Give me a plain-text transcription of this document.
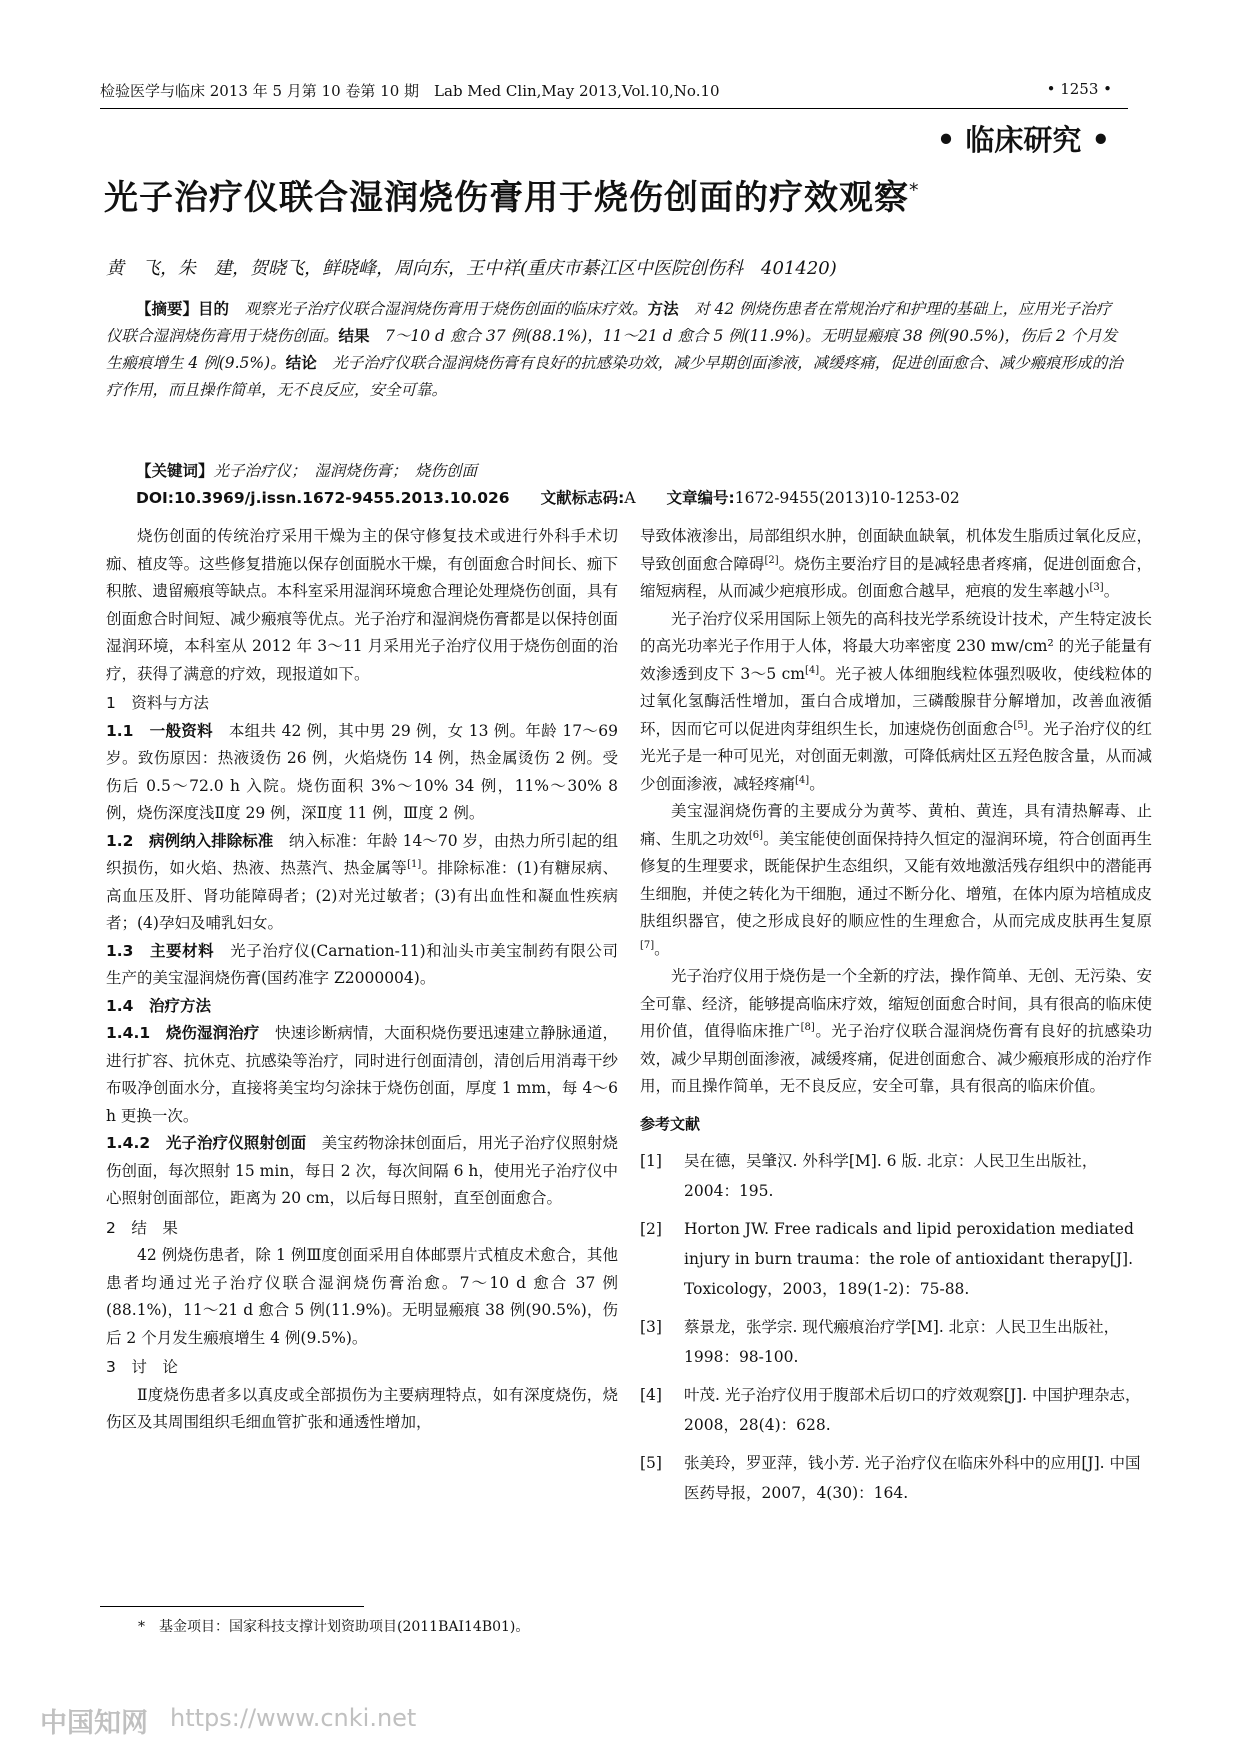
检验医学与临床 2013 年 5 月第 10 卷第 10 期　Lab Med Clin,May 2013,Vol.10,No.10	• 1253 •
• 临床研究 •
光子治疗仪联合湿润烧伤膏用于烧伤创面的疗效观察*
黄　飞，朱　建，贺晓飞，鲜晓峰，周向东，王中祥(重庆市綦江区中医院创伤科　401420)
【摘要】目的　 观察光子治疗仪联合湿润烧伤膏用于烧伤创面的临床疗效。方法　 对 42 例烧伤患者在常规治疗和护理的基础上，应用光子治疗仪联合湿润烧伤膏用于烧伤创面。结果　 7～10 d 愈合 37 例(88.1%)，11～21 d 愈合 5 例(11.9%)。无明显瘢痕 38 例(90.5%)，伤后 2 个月发生瘢痕增生 4 例(9.5%)。结论　 光子治疗仪联合湿润烧伤膏有良好的抗感染功效，减少早期创面渗液，减缓疼痛，促进创面愈合、减少瘢痕形成的治疗作用，而且操作简单，无不良反应，安全可靠。
【关键词】光子治疗仪；　湿润烧伤膏；　烧伤创面
DOI:10.3969/j.issn.1672-9455.2013.10.026　　 文献标志码:A　　 文章编号:1672-9455(2013)10-1253-02

烧伤创面的传统治疗采用干燥为主的保守修复技术或进行外科手术切痂、植皮等。这些修复措施以保存创面脱水干燥，有创面愈合时间长、痂下积脓、遗留瘢痕等缺点。本科室采用湿润环境愈合理论处理烧伤创面，具有创面愈合时间短、减少瘢痕等优点。光子治疗和湿润烧伤膏都是以保持创面湿润环境，本科室从 2012 年 3～11 月采用光子治疗仪用于烧伤创面的治疗，获得了满意的疗效，现报道如下。

1　资料与方法

1.1　 一般资料　 本组共 42 例，其中男 29 例，女 13 例。年龄 17～69 岁。致伤原因：热液烫伤 26 例，火焰烧伤 14 例，热金属烫伤 2 例。受伤后 0.5～72.0 h 入院。烧伤面积 3%～10% 34 例，11%～30% 8 例，烧伤深度浅Ⅱ度 29 例，深Ⅱ度 11 例，Ⅲ度 2 例。

1.2　 病例纳入排除标准　 纳入标准：年龄 14～70 岁，由热力所引起的组织损伤，如火焰、热液、热蒸汽、热金属等[1]。排除标准：(1)有糖尿病、高血压及肝、肾功能障碍者；(2)对光过敏者；(3)有出血性和凝血性疾病者；(4)孕妇及哺乳妇女。

1.3　 主要材料　 光子治疗仪(Carnation-11)和汕头市美宝制药有限公司生产的美宝湿润烧伤膏(国药准字 Z2000004)。

1.4　 治疗方法

1.4.1　 烧伤湿润治疗　 快速诊断病情，大面积烧伤要迅速建立静脉通道，进行扩容、抗休克、抗感染等治疗，同时进行创面清创，清创后用消毒干纱布吸净创面水分，直接将美宝均匀涂抹于烧伤创面，厚度 1 mm，每 4～6 h 更换一次。

1.4.2　 光子治疗仪照射创面　 美宝药物涂抹创面后，用光子治疗仪照射烧伤创面，每次照射 15 min，每日 2 次，每次间隔 6 h，使用光子治疗仪中心照射创面部位，距离为 20 cm，以后每日照射，直至创面愈合。

2　结　果

42 例烧伤患者，除 1 例Ⅲ度创面采用自体邮票片式植皮术愈合，其他患者均通过光子治疗仪联合湿润烧伤膏治愈。7～10 d 愈合 37 例(88.1%)，11～21 d 愈合 5 例(11.9%)。无明显瘢痕 38 例(90.5%)，伤后 2 个月发生瘢痕增生 4 例(9.5%)。

3　讨　论

Ⅱ度烧伤患者多以真皮或全部损伤为主要病理特点，如有深度烧伤，烧伤区及其周围组织毛细血管扩张和通透性增加，

导致体液渗出，局部组织水肿，创面缺血缺氧，机体发生脂质过氧化反应，导致创面愈合障碍[2]。烧伤主要治疗目的是减轻患者疼痛，促进创面愈合，缩短病程，从而减少疤痕形成。创面愈合越早，疤痕的发生率越小[3]。

光子治疗仪采用国际上领先的高科技光学系统设计技术，产生特定波长的高光功率光子作用于人体，将最大功率密度 230 mw/cm² 的光子能量有效渗透到皮下 3～5 cm[4]。光子被人体细胞线粒体强烈吸收，使线粒体的过氧化氢酶活性增加，蛋白合成增加，三磷酸腺苷分解增加，改善血液循环，因而它可以促进肉芽组织生长，加速烧伤创面愈合[5]。光子治疗仪的红光光子是一种可见光，对创面无刺激，可降低病灶区五羟色胺含量，从而减少创面渗液，减轻疼痛[4]。

美宝湿润烧伤膏的主要成分为黄芩、黄柏、黄连，具有清热解毒、止痛、生肌之功效[6]。美宝能使创面保持持久恒定的湿润环境，符合创面再生修复的生理要求，既能保护生态组织，又能有效地激活残存组织中的潜能再生细胞，并使之转化为干细胞，通过不断分化、增殖，在体内原为培植成皮肤组织器官，使之形成良好的顺应性的生理愈合，从而完成皮肤再生复原[7]。

光子治疗仪用于烧伤是一个全新的疗法，操作简单、无创、无污染、安全可靠、经济，能够提高临床疗效，缩短创面愈合时间，具有很高的临床使用价值，值得临床推广[8]。光子治疗仪联合湿润烧伤膏有良好的抗感染功效，减少早期创面渗液，减缓疼痛，促进创面愈合、减少瘢痕形成的治疗作用，而且操作简单，无不良反应，安全可靠，具有很高的临床价值。

参考文献
[1]	吴在德，吴肇汉. 外科学[M]. 6 版. 北京：人民卫生出版社，2004：195.
[2]	Horton JW. Free radicals and lipid peroxidation mediated injury in burn trauma：the role of antioxidant therapy[J]. Toxicology，2003，189(1-2)：75-88.
[3]	蔡景龙，张学宗. 现代瘢痕治疗学[M]. 北京：人民卫生出版社，1998：98-100.
[4]	叶茂. 光子治疗仪用于腹部术后切口的疗效观察[J]. 中国护理杂志，2008，28(4)：628.
[5]	张美玲，罗亚萍，钱小芳. 光子治疗仪在临床外科中的应用[J]. 中国医药导报，2007，4(30)：164.
*　基金项目：国家科技支撑计划资助项目(2011BAI14B01)。
中国知网 https://www.cnki.net
